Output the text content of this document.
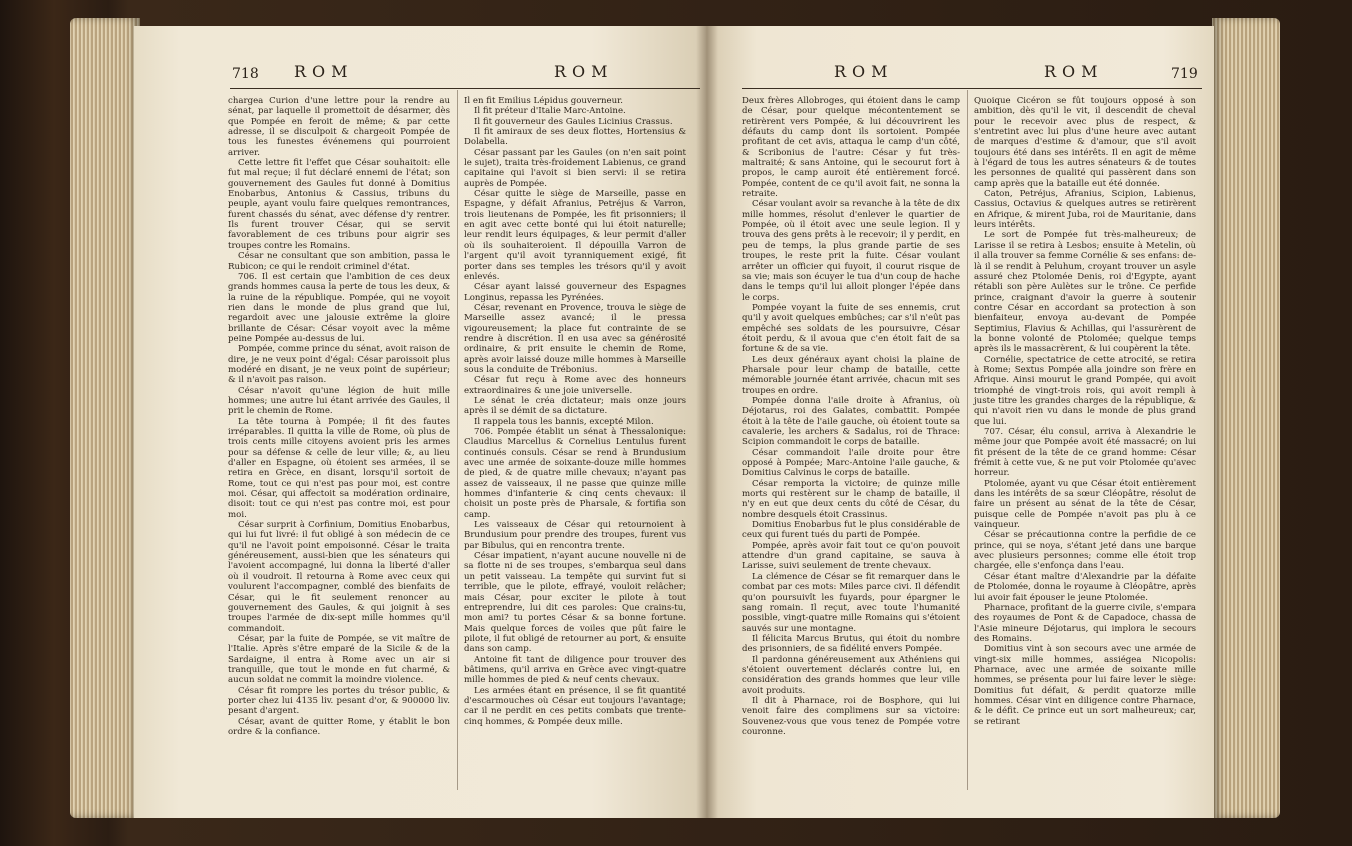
718 ROM	ROM

chargea Curion d'une lettre pour la rendre au sénat, par laquelle il promettoit de désarmer, dès que Pompée en feroit de même; & par cette adresse, il se disculpoit & chargeoit Pompée de tous les funestes événemens qui pourroient arriver.

Cette lettre fit l'effet que César souhaitoit: elle fut mal reçue; il fut déclaré ennemi de l'état; son gouvernement des Gaules fut donné à Domitius Enobarbus, Antonius & Cassius, tribuns du peuple, ayant voulu faire quelques remontrances, furent chassés du sénat, avec défense d'y rentrer. Ils furent trouver César, qui se servit favorablement de ces tribuns pour aigrir ses troupes contre les Romains.

César ne consultant que son ambition, passa le Rubicon; ce qui le rendoit criminel d'état.

706. Il est certain que l'ambition de ces deux grands hommes causa la perte de tous les deux, & la ruine de la république. Pompée, qui ne voyoit rien dans le monde de plus grand que lui, regardoit avec une jalousie extrême la gloire brillante de César: César voyoit avec la même peine Pompée au-dessus de lui.

Pompée, comme prince du sénat, avoit raison de dire, je ne veux point d'égal: César paroissoit plus modéré en disant, je ne veux point de supérieur; & il n'avoit pas raison.

César n'avoit qu'une légion de huit mille hommes; une autre lui étant arrivée des Gaules, il prit le chemin de Rome.

La tête tourna à Pompée; il fit des fautes irréparables. Il quitta la ville de Rome, où plus de trois cents mille citoyens avoient pris les armes pour sa défense & celle de leur ville; &, au lieu d'aller en Espagne, où étoient ses armées, il se retira en Grèce, en disant, lorsqu'il sortoit de Rome, tout ce qui n'est pas pour moi, est contre moi. César, qui affectoit sa modération ordinaire, disoit: tout ce qui n'est pas contre moi, est pour moi.

César surprit à Corfinium, Domitius Enobarbus, qui lui fut livré: il fut obligé à son médecin de ce qu'il ne l'avoit point empoisonné. César le traita généreusement, aussi-bien que les sénateurs qui l'avoient accompagné, lui donna la liberté d'aller où il voudroit. Il retourna à Rome avec ceux qui voulurent l'accompagner, comblé des bienfaits de César, qui le fit seulement renoncer au gouvernement des Gaules, & qui joignit à ses troupes l'armée de dix-sept mille hommes qu'il commandoit.

César, par la fuite de Pompée, se vit maître de l'Italie. Après s'être emparé de la Sicile & de la Sardaigne, il entra à Rome avec un air si tranquille, que tout le monde en fut charmé, & aucun soldat ne commit la moindre violence.

César fit rompre les portes du trésor public, & porter chez lui 4135 liv. pesant d'or, & 900000 liv. pesant d'argent.

César, avant de quitter Rome, y établit le bon ordre & la confiance.

Il en fit Emilius Lépidus gouverneur.

Il fit préteur d'Italie Marc-Antoine.

Il fit gouverneur des Gaules Licinius Crassus.

Il fit amiraux de ses deux flottes, Hortensius & Dolabella.

César passant par les Gaules (on n'en sait point le sujet), traita très-froidement Labienus, ce grand capitaine qui l'avoit si bien servi: il se retira auprès de Pompée.

César quitte le siège de Marseille, passe en Espagne, y défait Afranius, Petréjus & Varron, trois lieutenans de Pompée, les fit prisonniers; il en agit avec cette bonté qui lui étoit naturelle; leur rendit leurs équipages, & leur permit d'aller où ils souhaiteroient. Il dépouilla Varron de l'argent qu'il avoit tyranniquement exigé, fit porter dans ses temples les trésors qu'il y avoit enlevés.

César ayant laissé gouverneur des Espagnes Longinus, repassa les Pyrénées.

César, revenant en Provence, trouva le siège de Marseille assez avancé; il le pressa vigoureusement; la place fut contrainte de se rendre à discrétion. Il en usa avec sa générosité ordinaire, & prit ensuite le chemin de Rome, après avoir laissé douze mille hommes à Marseille sous la conduite de Trébonius.

César fut reçu à Rome avec des honneurs extraordinaires & une joie universelle.

Le sénat le créa dictateur; mais onze jours après il se démit de sa dictature.

Il rappela tous les bannis, excepté Milon.

706. Pompée établit un sénat à Thessalonique: Claudius Marcellus & Cornelius Lentulus furent continués consuls. César se rend à Brundusium avec une armée de soixante-douze mille hommes de pied, & de quatre mille chevaux; n'ayant pas assez de vaisseaux, il ne passe que quinze mille hommes d'infanterie & cinq cents chevaux: il choisit un poste près de Pharsale, & fortifia son camp.

Les vaisseaux de César qui retournoient à Brundusium pour prendre des troupes, furent vus par Bibulus, qui en rencontra trente.

César impatient, n'ayant aucune nouvelle ni de sa flotte ni de ses troupes, s'embarqua seul dans un petit vaisseau. La tempête qui survint fut si terrible, que le pilote, effrayé, vouloit relâcher; mais César, pour exciter le pilote à tout entreprendre, lui dit ces paroles: Que crains-tu, mon ami? tu portes César & sa bonne fortune. Mais quelque forces de voiles que pût faire le pilote, il fut obligé de retourner au port, & ensuite dans son camp.

Antoine fit tant de diligence pour trouver des bâtimens, qu'il arriva en Grèce avec vingt-quatre mille hommes de pied & neuf cents chevaux.

Les armées étant en présence, il se fit quantité d'escarmouches où César eut toujours l'avantage; car il ne perdit en ces petits combats que trente-cinq hommes, & Pompée deux mille.

ROM	ROM	719

Deux frères Allobroges, qui étoient dans le camp de César, pour quelque mécontentement se retirèrent vers Pompée, & lui découvrirent les défauts du camp dont ils sortoient. Pompée profitant de cet avis, attaqua le camp d'un côté, & Scribonius de l'autre: César y fut très-maltraité; & sans Antoine, qui le secourut fort à propos, le camp auroit été entièrement forcé. Pompée, content de ce qu'il avoit fait, ne sonna la retraite.

César voulant avoir sa revanche à la tête de dix mille hommes, résolut d'enlever le quartier de Pompée, où il étoit avec une seule legion. Il y trouva des gens prêts à le recevoir; il y perdit, en peu de temps, la plus grande partie de ses troupes, le reste prit la fuite. César voulant arrêter un officier qui fuyoit, il courut risque de sa vie; mais son écuyer le tua d'un coup de hache dans le temps qu'il lui alloit plonger l'épée dans le corps.

Pompée voyant la fuite de ses ennemis, crut qu'il y avoit quelques embûches; car s'il n'eût pas empêché ses soldats de les poursuivre, César étoit perdu, & il avoua que c'en étoit fait de sa fortune & de sa vie.

Les deux généraux ayant choisi la plaine de Pharsale pour leur champ de bataille, cette mémorable journée étant arrivée, chacun mit ses troupes en ordre.

Pompée donna l'aile droite à Afranius, où Déjotarus, roi des Galates, combattit. Pompée étoit à la tête de l'aile gauche, où étoient toute sa cavalerie, les archers & Sadalus, roi de Thrace: Scipion commandoit le corps de bataille.

César commandoit l'aile droite pour être opposé à Pompée; Marc-Antoine l'aile gauche, & Domitius Calvinus le corps de bataille.

César remporta la victoire; de quinze mille morts qui restèrent sur le champ de bataille, il n'y en eut que deux cents du côté de César, du nombre desquels étoit Crassinus.

Domitius Enobarbus fut le plus considérable de ceux qui furent tués du parti de Pompée.

Pompée, après avoir fait tout ce qu'on pouvoit attendre d'un grand capitaine, se sauva à Larisse, suivi seulement de trente chevaux.

La clémence de César se fit remarquer dans le combat par ces mots: Miles parce civi. Il défendit qu'on poursuivît les fuyards, pour épargner le sang romain. Il reçut, avec toute l'humanité possible, vingt-quatre mille Romains qui s'étoient sauvés sur une montagne.

Il félicita Marcus Brutus, qui étoit du nombre des prisonniers, de sa fidélité envers Pompée.

Il pardonna généreusement aux Athéniens qui s'étoient ouvertement déclarés contre lui, en considération des grands hommes que leur ville avoit produits.

Il dit à Pharnace, roi de Bosphore, qui lui venoit faire des complimens sur sa victoire: Souvenez-vous que vous tenez de Pompée votre couronne.

Quoique Cicéron se fût toujours opposé à son ambition, dès qu'il le vit, il descendit de cheval pour le recevoir avec plus de respect, & s'entretint avec lui plus d'une heure avec autant de marques d'estime & d'amour, que s'il avoit toujours été dans ses intérêts. Il en agit de même à l'égard de tous les autres sénateurs & de toutes les personnes de qualité qui passèrent dans son camp après que la bataille eut été donnée.

Caton, Petréjus, Afranius, Scipion, Labienus, Cassius, Octavius & quelques autres se retirèrent en Afrique, & mirent Juba, roi de Mauritanie, dans leurs intérêts.

Le sort de Pompée fut très-malheureux; de Larisse il se retira à Lesbos; ensuite à Metelin, où il alla trouver sa femme Cornélie & ses enfans: de-là il se rendit à Peluhum, croyant trouver un asyle assuré chez Ptolomée Denis, roi d'Egypte, ayant rétabli son père Aulètes sur le trône. Ce perfide prince, craignant d'avoir la guerre à soutenir contre César en accordant sa protection à son bienfaiteur, envoya au-devant de Pompée Septimius, Flavius & Achillas, qui l'assurèrent de la bonne volonté de Ptolomée; quelque temps après ils le massacrèrent, & lui coupèrent la tête.

Cornélie, spectatrice de cette atrocité, se retira à Rome; Sextus Pompée alla joindre son frère en Afrique. Ainsi mourut le grand Pompée, qui avoit triomphé de vingt-trois rois, qui avoit rempli à juste titre les grandes charges de la république, & qui n'avoit rien vu dans le monde de plus grand que lui.

707. César, élu consul, arriva à Alexandrie le même jour que Pompée avoit été massacré; on lui fit présent de la tête de ce grand homme: César frémit à cette vue, & ne put voir Ptolomée qu'avec horreur.

Ptolomée, ayant vu que César étoit entièrement dans les intérêts de sa sœur Cléopâtre, résolut de faire un présent au sénat de la tête de César, puisque celle de Pompée n'avoit pas plu à ce vainqueur.

César se précautionna contre la perfidie de ce prince, qui se noya, s'étant jeté dans une barque avec plusieurs personnes; comme elle étoit trop chargée, elle s'enfonça dans l'eau.

César étant maître d'Alexandrie par la défaite de Ptolomée, donna le royaume à Cléopâtre, après lui avoir fait épouser le jeune Ptolomée.

Pharnace, profitant de la guerre civile, s'empara des royaumes de Pont & de Capadoce, chassa de l'Asie mineure Déjotarus, qui implora le secours des Romains.

Domitius vint à son secours avec une armée de vingt-six mille hommes, assiégea Nicopolis: Pharnace, avec une armée de soixante mille hommes, se présenta pour lui faire lever le siège: Domitius fut défait, & perdit quatorze mille hommes. César vint en diligence contre Pharnace, & le défit. Ce prince eut un sort malheureux; car, se retirant
